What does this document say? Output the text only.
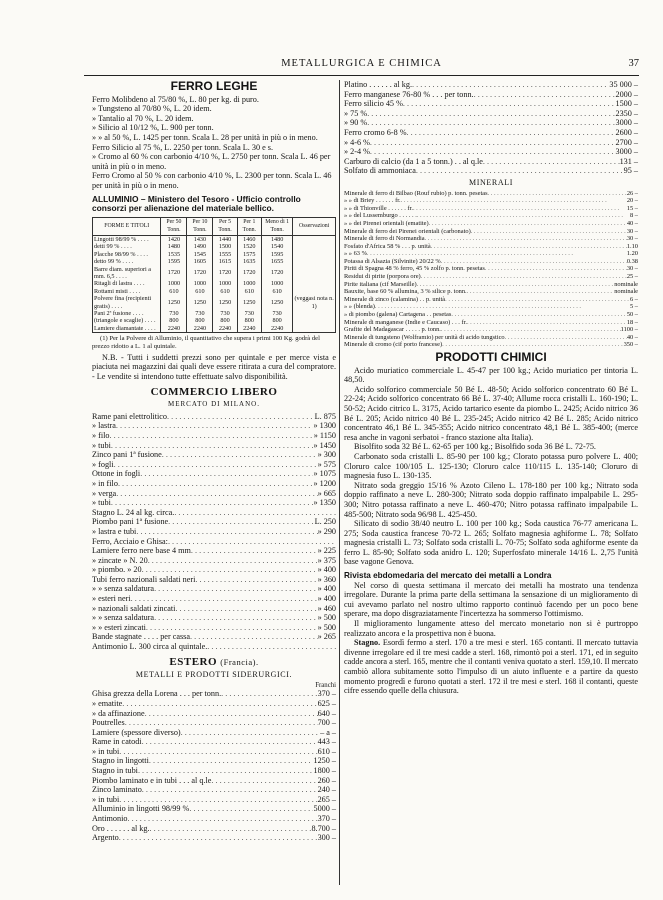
METALLURGICA E CHIMICA	37
FERRO LEGHE
Ferro Molibdeno al 75/80 %, L. 80 per kg. di puro.
» Tungsteno al 70/80 %, L. 20 idem.
» Tantalio al 70 %, L. 20 idem.
» Silicio al 10/12 %, L. 900 per tonn.
» » al 50 %, L. 1425 per tonn. Scala L. 28 per unità in più o in meno.
Ferro Silicio al 75 %, L. 2250 per tonn. Scala L. 30 e s.
» Cromo al 60 % con carbonio 4/10 %, L. 2750 per tonn. Scala L. 46 per unità in più o in meno.
Ferro Cromo al 50 % con carbonio 4/10 %, L. 2300 per tonn. Scala L. 46 per unità in più o in meno.
ALLUMINIO – Ministero del Tesoro - Ufficio controllo consorzi per alienazione del materiale bellico.
FORME E TITOLI	Per 50 Tonn.	Per 10 Tonn.	Per 5 Tonn.	Per 1 Tonn.	Meno di 1 Tonn.	Osservazioni
Lingotti 98/99 % . . . .	1420	1430	1440	1460	1480	
detti 99 % . . . .	1480	1490	1500	1520	1540	
Placche 98/99 % . . . .	1535	1545	1555	1575	1595	
detto 99 % . . . .	1595	1605	1615	1635	1655	
Barre diam. superiori a mm. 6,5 . . . .	1720	1720	1720	1720	1720	
Ritagli di lastra . . . .	1000	1000	1000	1000	1000	
Rottami misti . . . .	610	610	610	610	610	
Polvere fina (recipienti gratis) . . . .	1250	1250	1250	1250	1250	(veggasi nota n. 1)
Pani 2ª fusione . . . .	730	730	730	730	730	
(triangole e scaglie) . . . .	800	800	800	800	800	
Lamiere diamantate . . . .	2240	2240	2240	2240	2240	
(1) Per la Polvere di Alluminio, il quantitativo che supera i primi 100 Kg. godrà del prezzo ridotto a L. 1 al quintale.
N.B. - Tutti i suddetti prezzi sono per quintale e per merce vista e piaciuta nei magazzini dai quali deve essere ritirata a cura del compratore. - Le vendite si intendono tutte effettuate salvo disponibilità.
COMMERCIO LIBERO
MERCATO DI MILANO.
Rame pani elettrolitico . . .	L. 875
» lastra . . .	» 1300
» filo . . .	» 1150
» tubi . . .	» 1450
Zinco pani 1ª fusione . . .	» 300
» fogli . . .	» 575
Ottone in fogli . . .	» 1075
» in filo . . .	» 1200
» verga . . .	» 665
» tubi . . .	» 1350
Stagno L. 24 al kg. circa.
. . .
Piombo pani 1ª fusione . . .	L. 250
» lastra e tubi . . .	» 290
Ferro, Acciaio e Ghisa:
. . .
Lamiere ferro nere base 4 mm . . .	» 225
» zincate » N. 20 . . .	» 375
» piombo. » 20 . . .	» 400
Tubi ferro nazionali saldati neri . . .	» 360
» » senza saldatura . . .	» 400
» esteri neri . . .	» 400
» nazionali saldati zincati . . .	» 460
» » senza saldatura . . .	» 500
» » esteri zincati . . .	» 500
Bande stagnate . . . . per cassa . . .	» 265
Antimonio L. 300 circa al quintale.
. . .
ESTERO (Francia).
METALLI E PRODOTTI SIDERURGICI.
Franchi
Ghisa grezza della Lorena . . . per tonn. . . .	370 –
» ematite . . .	625 –
» da affinazione . . .	640 –
Poutrelles . . .	700 –
Lamiere (spessore diverso) . . .	– a –
Rame in catodi . . .	443 –
» in tubi . . .	610 –
Stagno in lingotti . . .	1250 –
Stagno in tubi . . .	1800 –
Piombo laminato e in tubi . . . al q.le . . .	260 –
Zinco laminato . . .	240 –
» in tubi . . .	265 –
Alluminio in lingotti 98/99 % . . .	5000 –
Antimonio . . .	370 –
Oro . . . . . . al kg. . . .	8.700 –
Argento . . .	300 –
Platino . . . . . . al kg. . . .	35 000 –
Ferro manganese 76-80 % . . . per tonn. . . .	2000 –
Ferro silicio 45 % . . .	1500 –
» 75 % . . .	2350 –
» 90 % . . .	3000 –
Ferro cromo 6-8 % . . .	2600 –
» 4-6 % . . .	2700 –
» 2-4 % . . .	3000 –
Carburo di calcio (da 1 a 5 tonn.) . . al q.le . . .	131 –
Solfato di ammoniaca . . .	95 –
MINERALI
Minerale di ferro di Bilbao (Rouf rubio) p. tonn. pesetas . . .	26 –
» » di Briey . . . . . . fr. . . .	20 –
» » di Thionville . . . . . . fr. . . .	15 –
» » del Lussemburgo . . . . . . . . .	8 –
» » dei Pirenei orientali (ematite) . . .	40 –
Minerale di ferro dei Pirenei orientali (carbonato) . . .	30 –
Minerale di ferro di Normandia . . .	30 –
Fosfato d'Africa 58 % . . . p. unità . . .	1.10
» » 63 % . . .	1.20
Potassa di Alsazia (Silvinite) 20/22 % . . .	0.38
Piriti di Spagna 48 % ferro, 45 % zolfo p. tonn. pesetas . . .	30 –
Residui di pirite (porpora ore) . . .	25 –
Pirite italiana (cif Marseille) . . .	nominale
Bauxite, base 60 % allumina, 3 % silice p. tonn. . . .	nominale
Minerale di zinco (calamina) . . p. unità . . .	6 –
» » (blenda) . . .	5 –
» di piombo (galena) Cartagena . . pesetas . . .	50 –
Minerale di manganese (Indie e Caucaso) . . . fr. . . .	18 –
Grafite del Madagascar . . . . . p. tonn. . . .	1100 –
Minerale di tungsteno (Wolframio) per unità di acido tungstico . . .	40 –
Minerale di cromo (cif porto francese) . . .	350 –
PRODOTTI CHIMICI
Acido muriatico commerciale L. 45-47 per 100 kg.; Acido muriatico per tintoria L. 48,50.
Acido solforico commerciale 50 Bé L. 48-50; Acido solforico concentrato 60 Bé L. 22-24; Acido solforico concentrato 66 Bé L. 37-40; Allume rocca cristalli L. 160-190; L. 50-52; Acido citrico L. 3175, Acido tartarico esente da piombo L. 2425; Acido nitrico 36 Bé L. 205; Acido nitrico 40 Bé L. 235-245; Acido nitrico 42 Bé L. 285; Acido nitrico concentrato 46,1 Bé L. 345-355; Acido nitrico concentrato 48,1 Bé L. 385-400; (merce resa anche in vagoni serbatoi - franco stazione alta Italia).
Bisolfito soda 32 Bé L. 62-65 per 100 kg.; Bisolfido soda 36 Bé L. 72-75.
Carbonato soda cristalli L. 85-90 per 100 kg.; Clorato potassa puro polvere L. 400; Cloruro calce 100/105 L. 125-130; Cloruro calce 110/115 L. 135-140; Cloruro di magnesia fuso L. 130-135.
Nitrato soda greggio 15/16 % Azoto Cileno L. 178-180 per 100 kg.; Nitrato soda doppio raffinato a neve L. 280-300; Nitrato soda doppio raffinato impalpabile L. 295-300; Nitro potassa raffinato a neve L. 460-470; Nitro potassa raffinato impalpabile L. 485-500; Nitrato soda 96/98 L. 425-450.
Silicato di sodio 38/40 neutro L. 100 per 100 kg.; Soda caustica 76-77 americana L. 275; Soda caustica francese 70-72 L. 265; Solfato magnesia aghiforme L. 78; Solfato magnesia cristalli L. 73; Solfato soda cristalli L. 70-75; Solfato soda aghiforme esente da ferro L. 85-90; Solfato soda anidro L. 120; Superfosfato minerale 14/16 L. 2,75 l'unità base vagone Genova.
Rivista ebdomedaria del mercato dei metalli a Londra
Nel corso di questa settimana il mercato dei metalli ha mostrato una tendenza irregolare. Durante la prima parte della settimana la sensazione di un miglioramento di cui avevamo parlato nel nostro ultimo rapporto continuò facendo per un poco bene sperare, ma dopo disgraziatamente l'incertezza ha sommerso l'ottimismo.
Il miglioramento lungamente atteso del mercato monetario non si è purtroppo realizzato ancora e la prospettiva non è buona.
Stagno. Esordì fermo a sterl. 170 a tre mesi e sterl. 165 contanti. Il mercato tuttavia divenne irregolare ed il tre mesi cadde a sterl. 168, rimontò poi a sterl. 171, ed in seguito cadde ancora a sterl. 165, mentre che il contanti veniva quotato a sterl. 159,10. Il mercato cambiò allora subitamente sotto l'impulso di un aiuto influente e a partire da questo momento progredì e furono quotati a sterl. 172 il tre mesi e sterl. 168 il contanti, queste cifre essendo quelle della chiusura.
